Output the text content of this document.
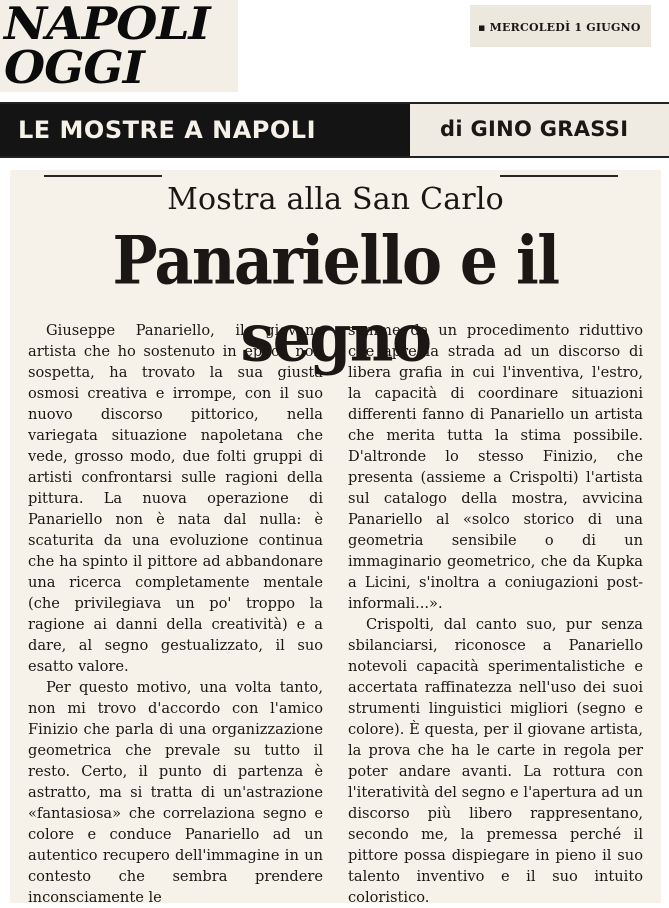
NAPOLI
OGGI
▪ MERCOLEDÌ 1 GIUGNO
LE MOSTRE A NAPOLI	di GINO GRASSI
Mostra alla San Carlo
Panariello e il segno

Giuseppe Panariello, il giovane artista che ho sostenuto in epoca non sospetta, ha trovato la sua giusta osmosi creativa e irrompe, con il suo nuovo discorso pittorico, nella variegata situazione napoletana che vede, grosso modo, due folti gruppi di artisti confrontarsi sulle ragioni della pittura. La nuova operazione di Panariello non è nata dal nulla: è scaturita da una evoluzione continua che ha spinto il pittore ad abbandonare una ricerca completamente mentale (che privilegiava un po' troppo la ragione ai danni della creatività) e a dare, al segno gestualizzato, il suo esatto valore.

Per questo motivo, una volta tanto, non mi trovo d'accordo con l'amico Finizio che parla di una organizzazione geometrica che prevale su tutto il resto. Certo, il punto di partenza è astratto, ma si tratta di un'astrazione «fantasiosa» che correlaziona segno e colore e conduce Panariello ad un autentico recupero dell'immagine in un contesto che sembra prendere inconsciamente le

somme da un procedimento riduttivo che apre la strada ad un discorso di libera grafia in cui l'inventiva, l'estro, la capacità di coordinare situazioni differenti fanno di Panariello un artista che merita tutta la stima possibile. D'altronde lo stesso Finizio, che presenta (assieme a Crispolti) l'artista sul catalogo della mostra, avvicina Panariello al «solco storico di una geometria sensibile o di un immaginario geometrico, che da Kupka a Licini, s'inoltra a coniugazioni post-informali...».

Crispolti, dal canto suo, pur senza sbilanciarsi, riconosce a Panariello notevoli capacità sperimentalistiche e accertata raffinatezza nell'uso dei suoi strumenti linguistici migliori (segno e colore). È questa, per il giovane artista, la prova che ha le carte in regola per poter andare avanti. La rottura con l'iteratività del segno e l'apertura ad un discorso più libero rappresentano, secondo me, la premessa perché il pittore possa dispiegare in pieno il suo talento inventivo e il suo intuito coloristico.
